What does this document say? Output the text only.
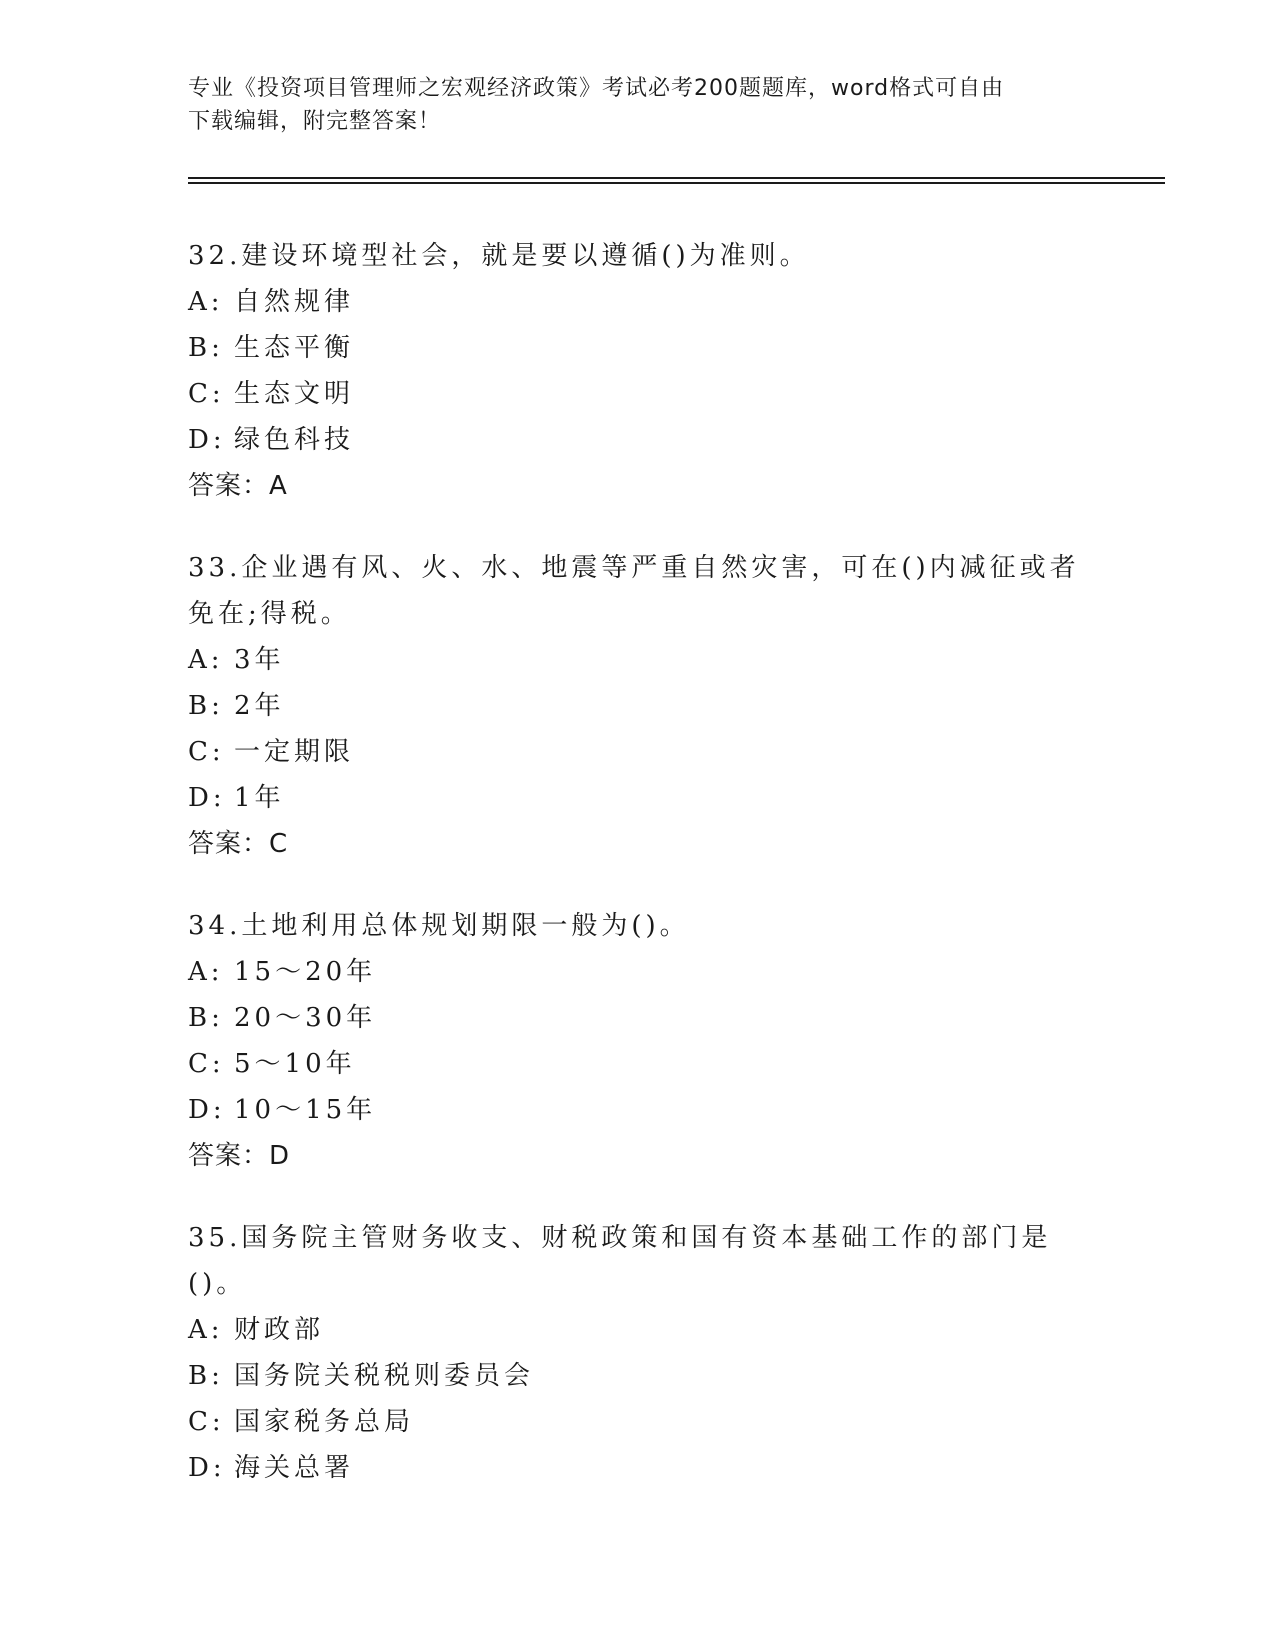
专业《投资项目管理师之宏观经济政策》考试必考200题题库，word格式可自由
下载编辑，附完整答案！
32.建设环境型社会，就是要以遵循()为准则。
A: 自然规律
B: 生态平衡
C: 生态文明
D: 绿色科技
答案：A
33.企业遇有风、火、水、地震等严重自然灾害，可在()内减征或者免在;得税。
A: 3年
B: 2年
C: 一定期限
D: 1年
答案：C
34.土地利用总体规划期限一般为()。
A: 15～20年
B: 20～30年
C: 5～10年
D: 10～15年
答案：D
35.国务院主管财务收支、财税政策和国有资本基础工作的部门是()。
A: 财政部
B: 国务院关税税则委员会
C: 国家税务总局
D: 海关总署
